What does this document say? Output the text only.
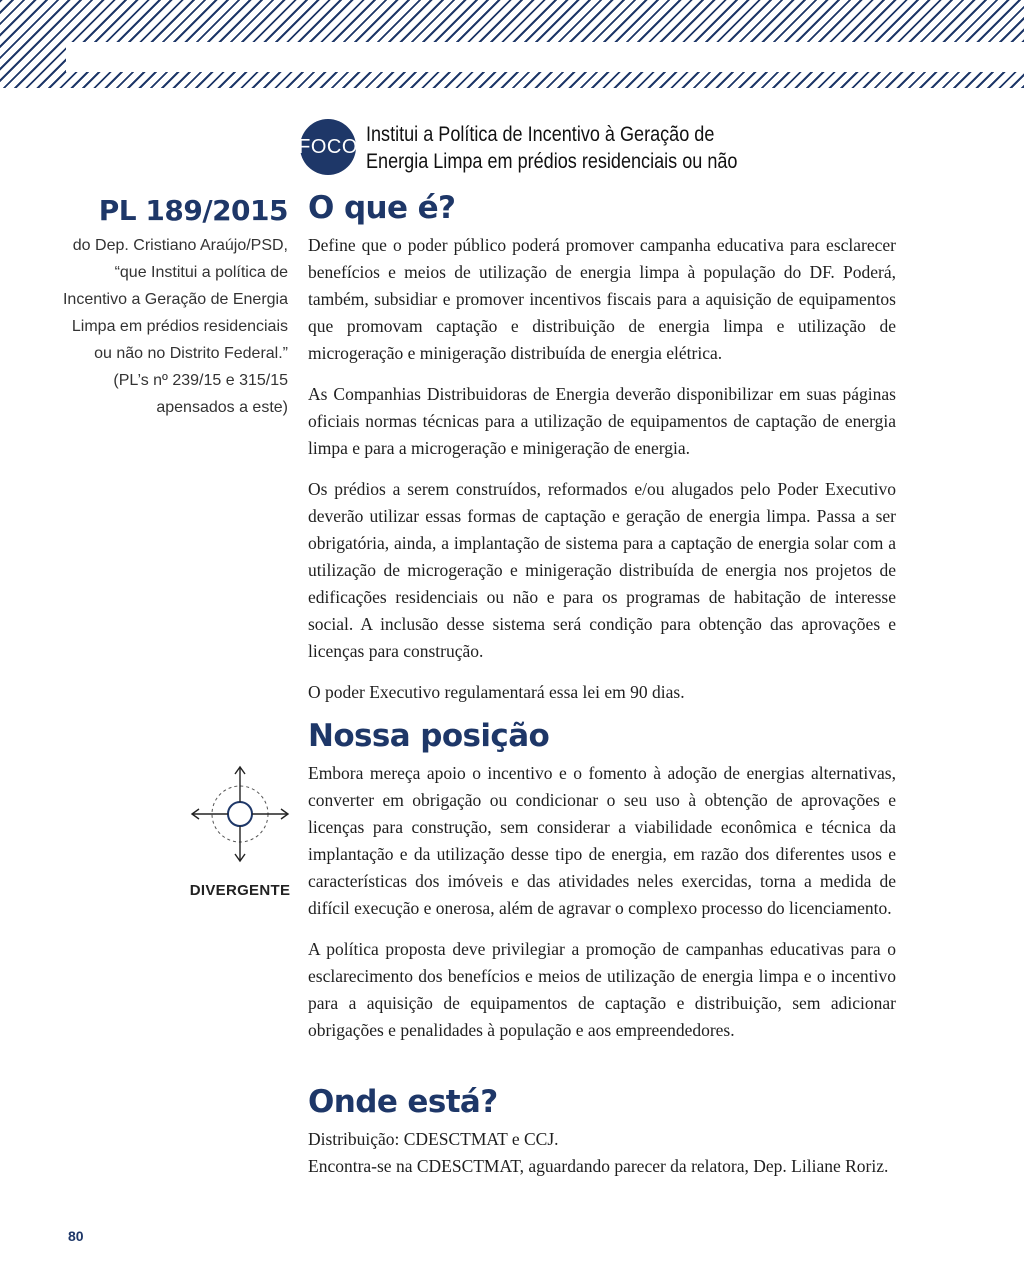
FOCO
Institui a Política de Incentivo à Geração de Energia Limpa em prédios residenciais ou não
PL 189/2015
do Dep. Cristiano Araújo/PSD, “que Institui a política de Incentivo a Geração de Energia Limpa em prédios residenciais ou não no Distrito Federal.” (PL’s nº 239/15 e 315/15 apensados a este)
O que é?

Define que o poder público poderá promover campanha educativa para esclarecer benefícios e meios de utilização de energia limpa à população do DF. Poderá, também, subsidiar e promover incentivos fiscais para a aquisição de equipamentos que promovam captação e distribuição de energia limpa e utilização de microgeração e minigeração distribuída de energia elétrica.

As Companhias Distribuidoras de Energia deverão disponibilizar em suas páginas oficiais normas técnicas para a utilização de equipamentos de captação de energia limpa e para a microgeração e minigeração de energia.

Os prédios a serem construídos, reformados e/ou alugados pelo Poder Executivo deverão utilizar essas formas de captação e geração de energia limpa. Passa a ser obrigatória, ainda, a implantação de sistema para a captação de energia solar com a utilização de microgeração e minigeração distribuída de energia nos projetos de edificações residenciais ou não e para os programas de habitação de interesse social. A inclusão desse sistema será condição para obtenção das aprovações e licenças para construção.

O poder Executivo regulamentará essa lei em 90 dias.

Nossa posição

Embora mereça apoio o incentivo e o fomento à adoção de energias alternativas, converter em obrigação ou condicionar o seu uso à obtenção de aprovações e licenças para construção, sem considerar a viabilidade econômica e técnica da implantação e da utilização desse tipo de energia, em razão dos diferentes usos e características dos imóveis e das atividades neles exercidas, torna a medida de difícil execução e onerosa, além de agravar o complexo processo do licenciamento.

A política proposta deve privilegiar a promoção de campanhas educativas para o esclarecimento dos benefícios e meios de utilização de energia limpa e o incentivo para a aquisição de equipamentos de captação e distribuição, sem adicionar obrigações e penalidades à população e aos empreendedores.

DIVERGENTE
Onde está?
Distribuição: CDESCTMAT e CCJ.
Encontra-se na CDESCTMAT, aguardando parecer da relatora, Dep. Liliane Roriz.
80
